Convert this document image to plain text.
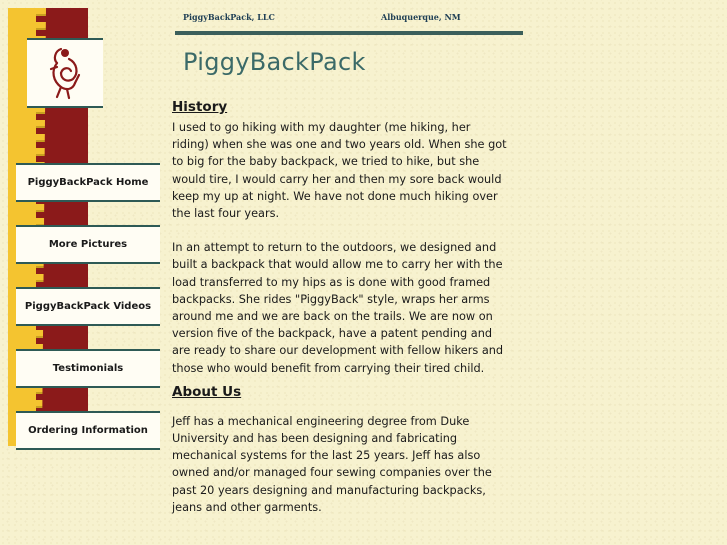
PiggyBackPack Home
More Pictures
PiggyBackPack Videos
Testimonials
Ordering Information
PiggyBackPack, LLC	Albuquerque, NM
PiggyBackPack
History

I used to go hiking with my daughter (me hiking, her riding) when she was one and two years old. When she got to big for the baby backpack, we tried to hike, but she would tire, I would carry her and then my sore back would keep my up at night. We have not done much hiking over the last four years.

In an attempt to return to the outdoors, we designed and built a backpack that would allow me to carry her with the load transferred to my hips as is done with good framed backpacks. She rides "PiggyBack" style, wraps her arms around me and we are back on the trails. We are now on version five of the backpack, have a patent pending and are ready to share our development with fellow hikers and those who would benefit from carrying their tired child.

About Us

Jeff has a mechanical engineering degree from Duke University and has been designing and fabricating mechanical systems for the last 25 years. Jeff has also owned and/or managed four sewing companies over the past 20 years designing and manufacturing backpacks, jeans and other garments.
